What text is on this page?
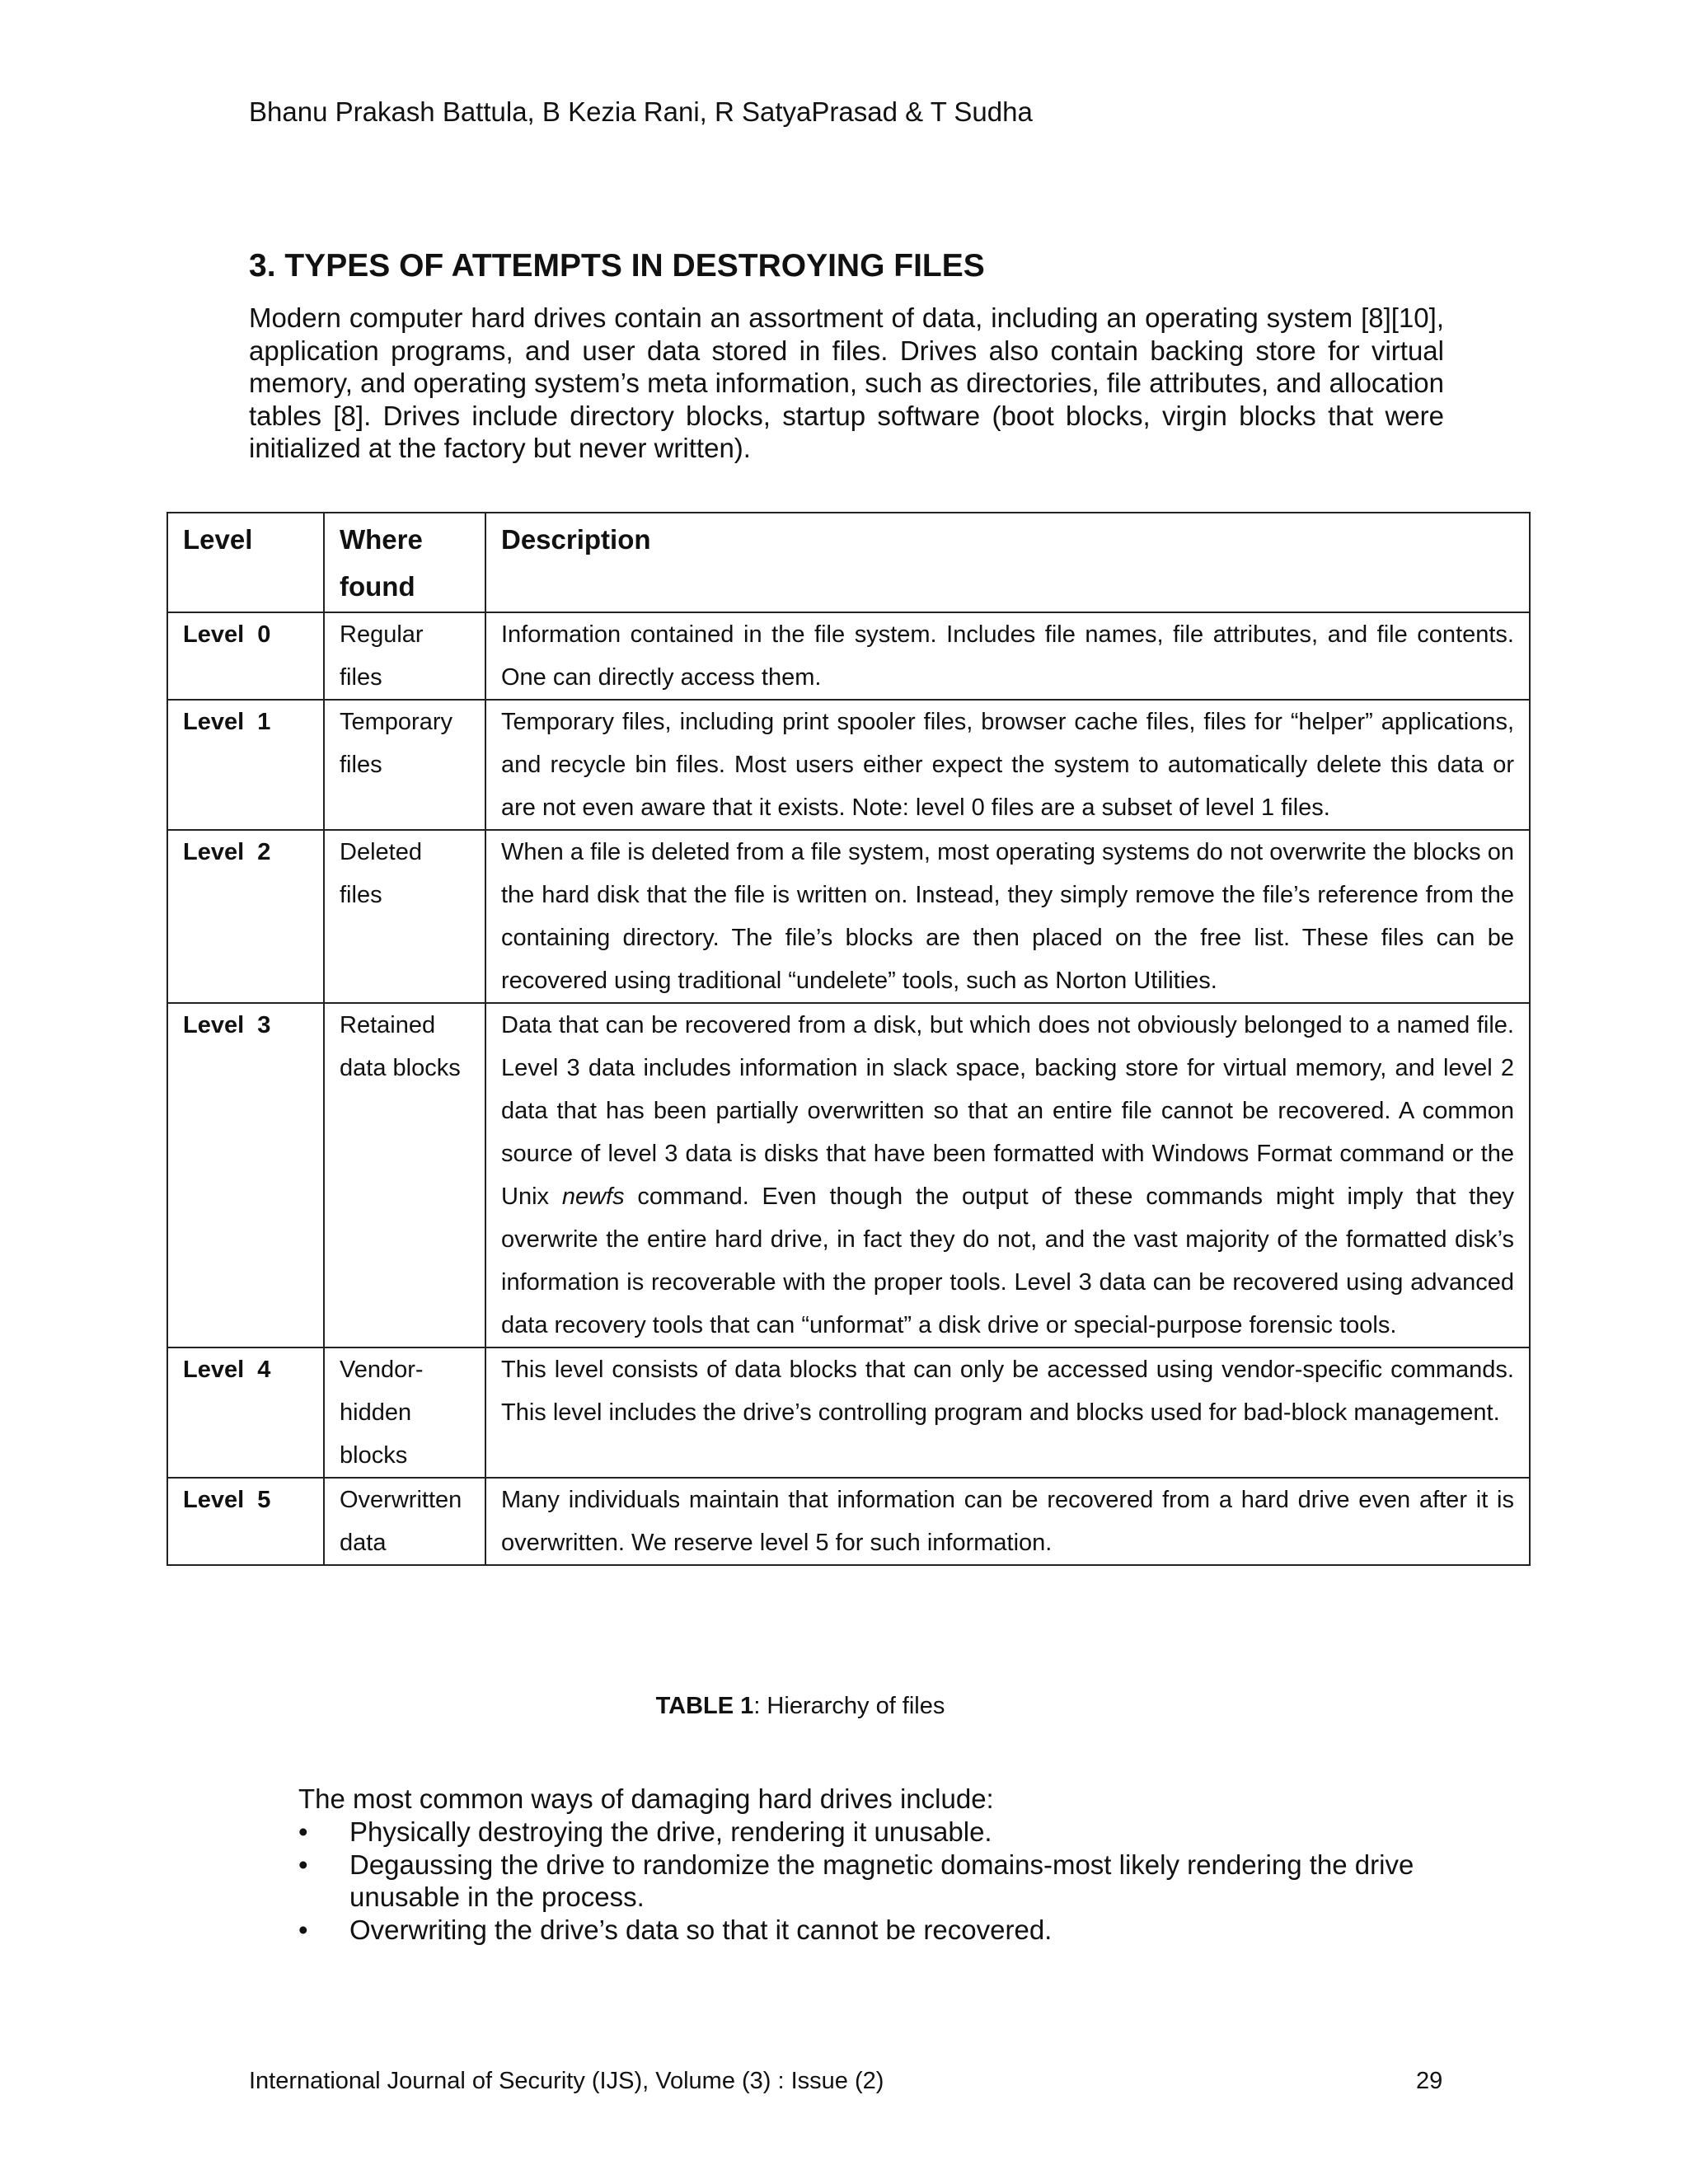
Bhanu Prakash Battula, B Kezia Rani, R SatyaPrasad & T Sudha
3. TYPES OF ATTEMPTS IN DESTROYING FILES

Modern computer hard drives contain an assortment of data, including an operating system [8][10], application programs, and user data stored in files. Drives also contain backing store for virtual memory, and operating system’s meta information, such as directories, file attributes, and allocation tables [8]. Drives include directory blocks, startup software (boot blocks, virgin blocks that were initialized at the factory but never written).

Level	Where found	Description
Level  0	Regular files	Information contained in the file system. Includes file names, file attributes, and file contents. One can directly access them.
Level  1	Temporary files	Temporary files, including print spooler files, browser cache files, files for “helper” applications, and recycle bin files. Most users either expect the system to automatically delete this data or are not even aware that it exists. Note: level 0 files are a subset of level 1 files.
Level  2	Deleted files	When a file is deleted from a file system, most operating systems do not overwrite the blocks on the hard disk that the file is written on. Instead, they simply remove the file’s reference from the containing directory. The file’s blocks are then placed on the free list. These files can be recovered using traditional “undelete” tools, such as Norton Utilities.
Level  3	Retained data blocks	Data that can be recovered from a disk, but which does not obviously belonged to a named file. Level 3 data includes information in slack space, backing store for virtual memory, and level 2 data that has been partially overwritten so that an entire file cannot be recovered. A common source of level 3 data is disks that have been formatted with Windows Format command or the Unix newfs command. Even though the output of these commands might imply that they overwrite the entire hard drive, in fact they do not, and the vast majority of the formatted disk’s information is recoverable with the proper tools. Level 3 data can be recovered using advanced data recovery tools that can “unformat” a disk drive or special-purpose forensic tools.
Level  4	Vendor-hidden blocks	This level consists of data blocks that can only be accessed using vendor-specific commands. This level includes the drive’s controlling program and blocks used for bad-block management.
Level  5	Overwritten data	Many individuals maintain that information can be recovered from a hard drive even after it is overwritten. We reserve level 5 for such information.
TABLE 1: Hierarchy of files
The most common ways of damaging hard drives include:
• Physically destroying the drive, rendering it unusable.
• Degaussing the drive to randomize the magnetic domains-most likely rendering the drive unusable in the process.
• Overwriting the drive’s data so that it cannot be recovered.
International Journal of Security (IJS), Volume (3) : Issue (2)	29
